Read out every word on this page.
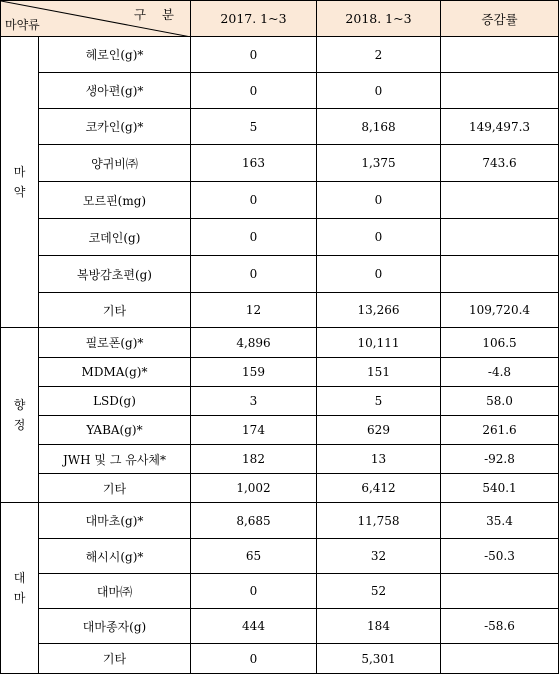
구 분
마약류		2017. 1~3	2018. 1~3	증감률

마
약	헤로인(g)*	0	2	
	생아편(g)*	0	0	
	코카인(g)*	5	8,168	149,497.3
	양귀비㈜	163	1,375	743.6
	모르핀(mg)	0	0	
	코데인(g)	0	0	
	복방감초편(g)	0	0	
	기타	12	13,266	109,720.4

향
정	필로폰(g)*	4,896	10,111	106.5
	MDMA(g)*	159	151	-4.8
	LSD(g)	3	5	58.0
	YABA(g)*	174	629	261.6
	JWH 및 그 유사체*	182	13	-92.8
	기타	1,002	6,412	540.1

대
마	대마초(g)*	8,685	11,758	35.4
	해시시(g)*	65	32	-50.3
	대마㈜	0	52	
	대마종자(g)	444	184	-58.6
	기타	0	5,301	
